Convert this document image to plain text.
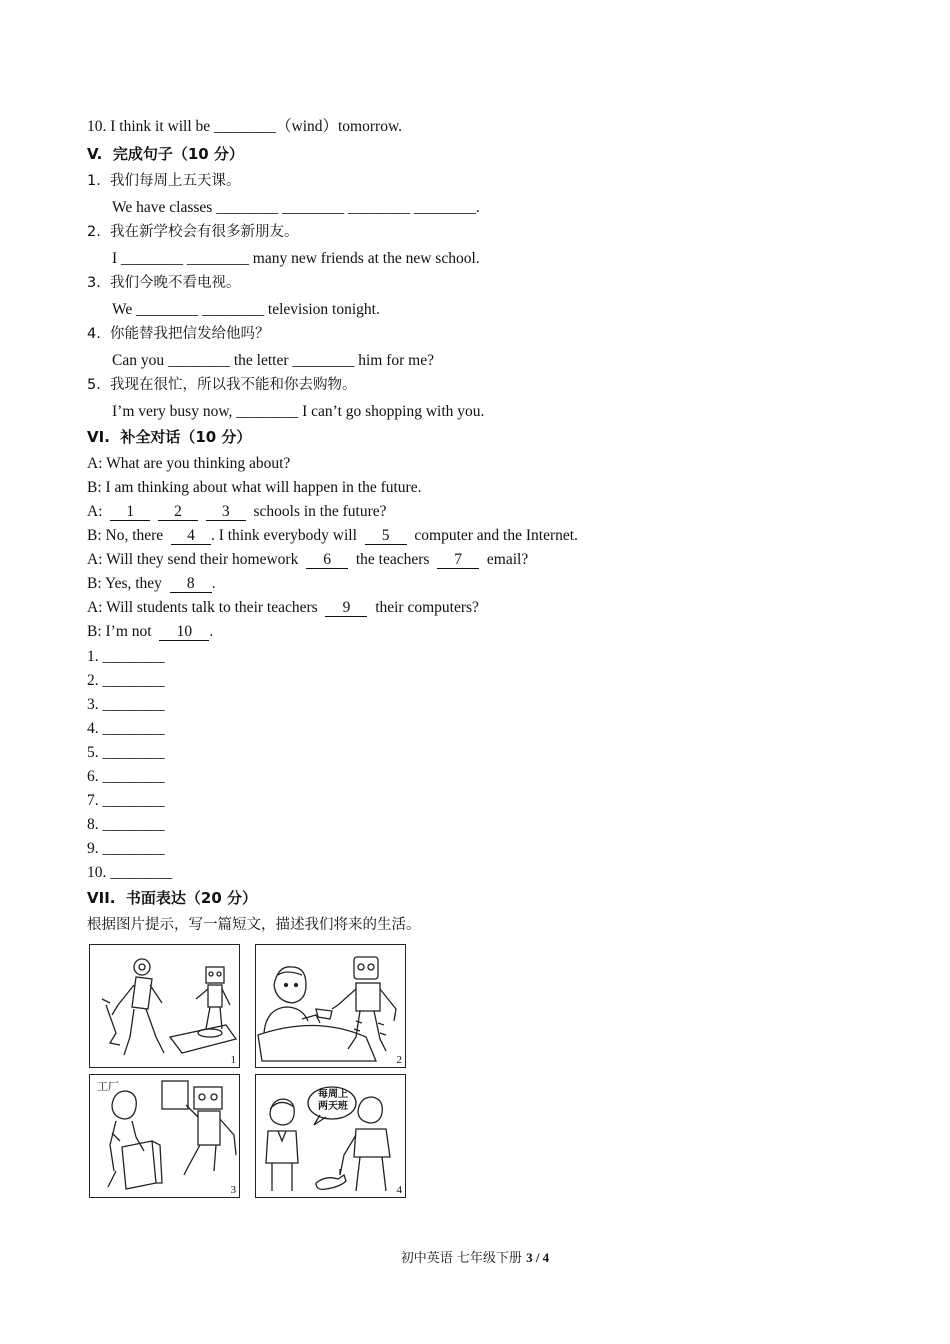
10. I think it will be ________（wind）tomorrow.
V.  完成句子（10 分）
1.  我们每周上五天课。
We have classes ________ ________ ________ ________.
2.  我在新学校会有很多新朋友。
I ________ ________ many new friends at the new school.
3.  我们今晚不看电视。
We ________ ________ television tonight.
4.  你能替我把信发给他吗？
Can you ________ the letter ________ him for me?
5.  我现在很忙，所以我不能和你去购物。
I’m very busy now, ________ I can’t go shopping with you.
VI.  补全对话（10 分）
A: What are you thinking about?
B: I am thinking about what will happen in the future.
A: 1	2	3 schools in the future?
B: No, there 4 . I think everybody will 5 computer and the Internet.
A: Will they send their homework 6 the teachers 7 email?
B: Yes, they 8 .
A: Will students talk to their teachers 9 their computers?
B: I’m not 10 .
1. ________
2. ________
3. ________
4. ________
5. ________
6. ________
7. ________
8. ________
9. ________
10. ________
VII.  书面表达（20 分）
根据图片提示，写一篇短文，描述我们将来的生活。
1	2
工厂
3
每周上
两天班
4
初中英语 七年级下册 3 / 4
